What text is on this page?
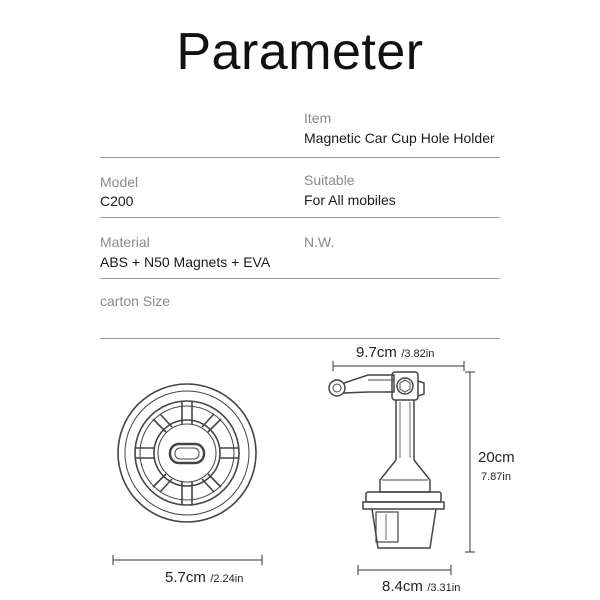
Parameter
Item
Magnetic Car Cup Hole Holder
Model
C200
Suitable
For All mobiles
Material
ABS + N50 Magnets + EVA
N.W.
carton Size
9.7cm /3.82in
20cm
7.87in
5.7cm /2.24in	8.4cm /3.31in
